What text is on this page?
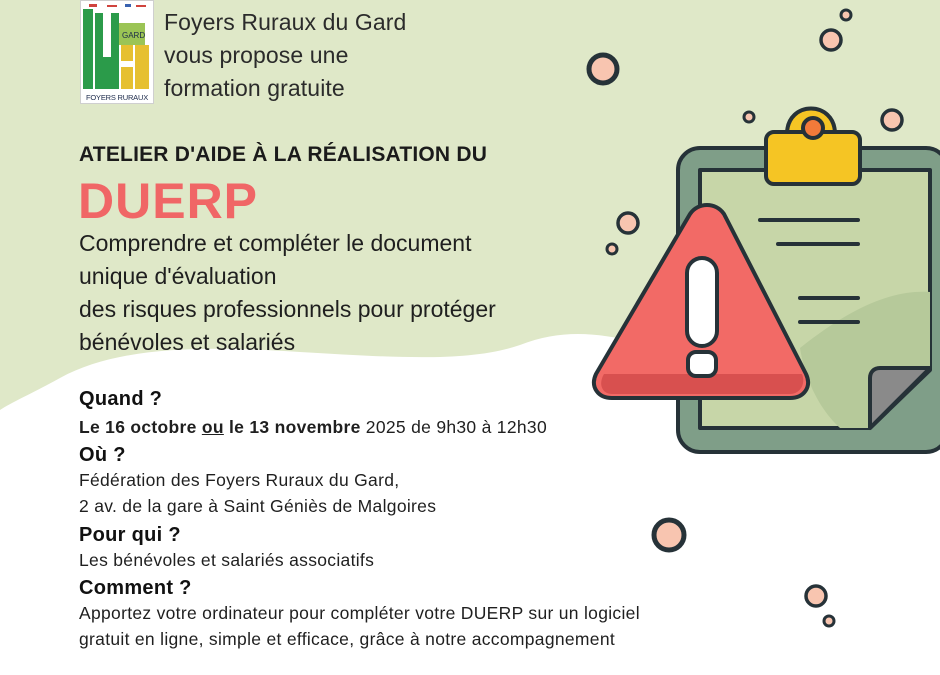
GARD
FOYERS RURAUX
Foyers Ruraux du Gard
vous propose une
formation gratuite
ATELIER D'AIDE À LA RÉALISATION DU
DUERP
Comprendre et compléter le document
unique d'évaluation
des risques professionnels pour protéger
bénévoles et salariés
Quand ?
Le 16 octobre ou le 13 novembre 2025 de 9h30 à 12h30
Où ?
Fédération des Foyers Ruraux du Gard,
2 av. de la gare à Saint Géniès de Malgoires
Pour qui ?
Les bénévoles et salariés associatifs
Comment ?
Apportez votre ordinateur pour compléter votre DUERP sur un logiciel
gratuit en ligne, simple et efficace, grâce à notre accompagnement
